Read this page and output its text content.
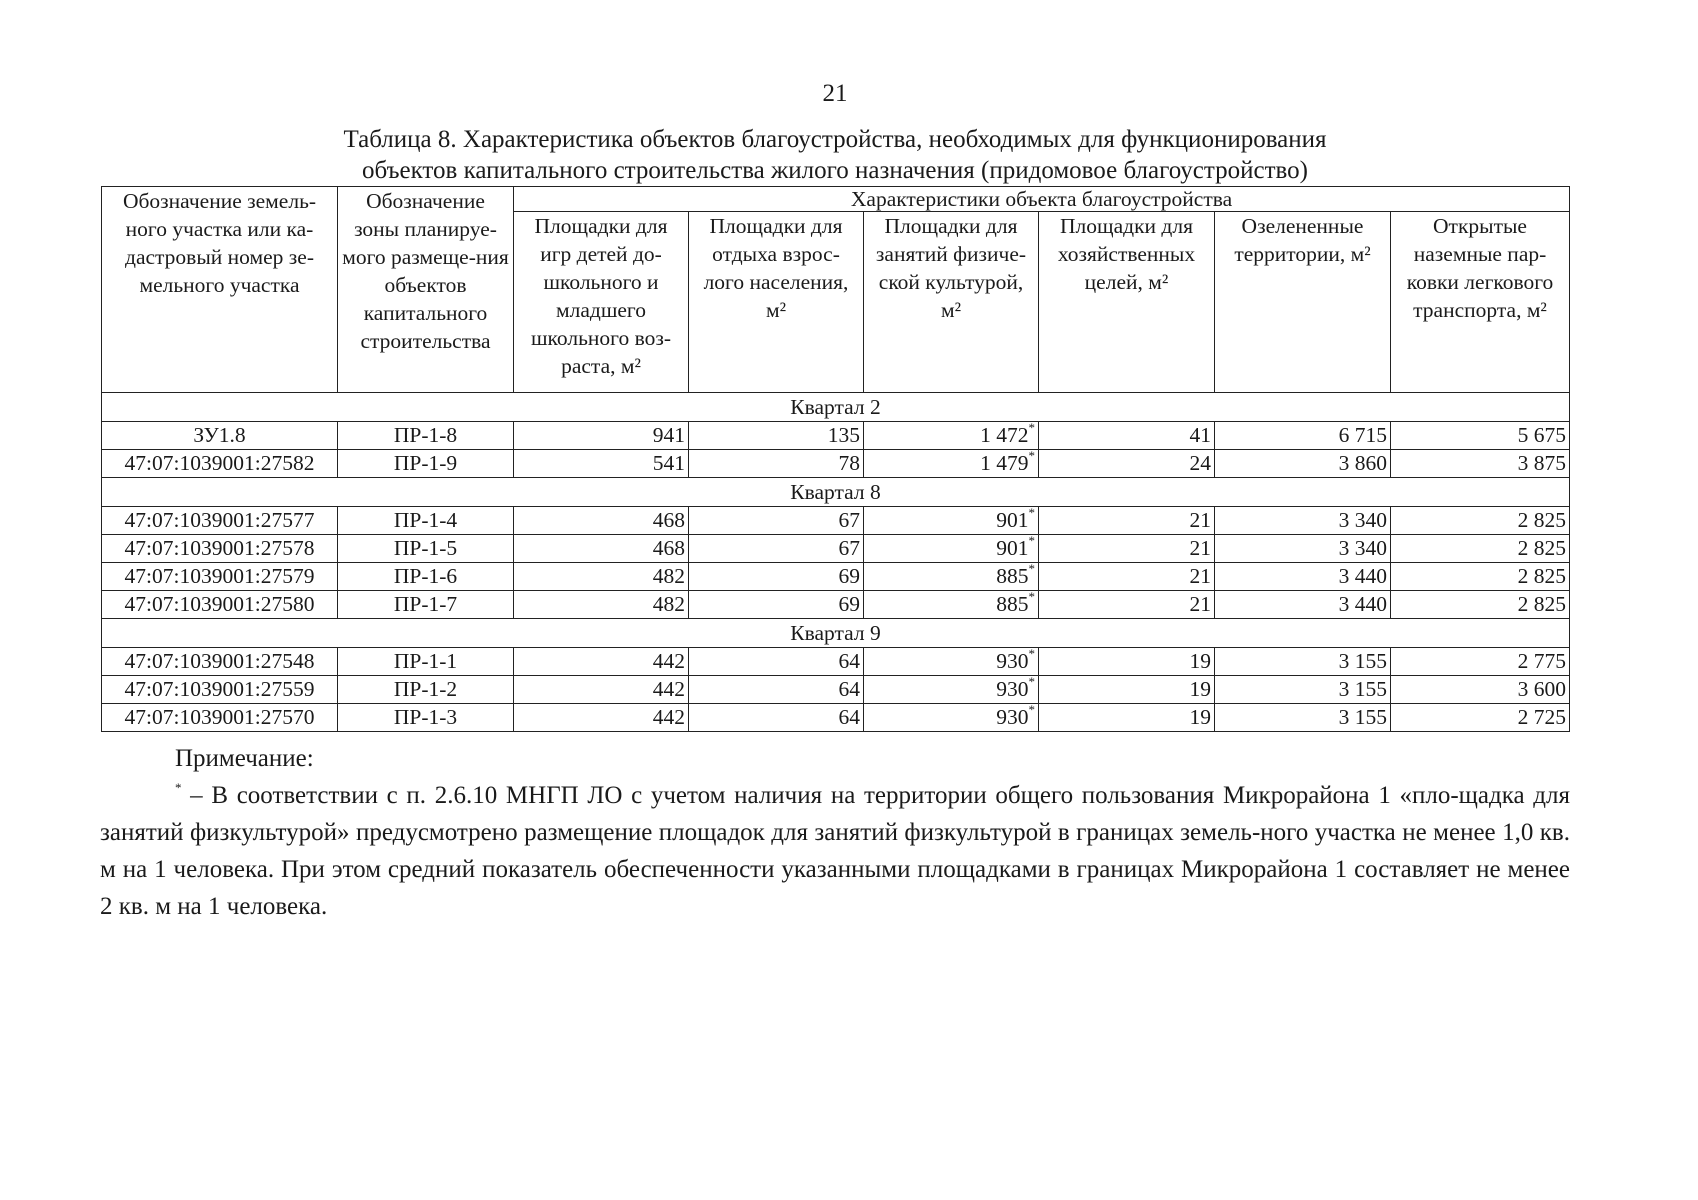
21
Таблица 8. Характеристика объектов благоустройства, необходимых для функционирования
объектов капитального строительства жилого назначения (придомовое благоустройство)
Обозначение земель-ного участка или ка-дастровый номер зе-мельного участка	Обозначение зоны планируе-мого размеще-ния объектов капитального строительства	Характеристики объекта благоустройства					
		Площадки для игр детей до-школьного и младшего школьного воз-раста, м²	Площадки для отдыха взрос-лого населения, м²	Площадки для занятий физиче-ской культурой, м²	Площадки для хозяйственных целей, м²	Озелененные территории, м²	Открытые наземные пар-ковки легкового транспорта, м²
Квартал 2							
ЗУ1.8	ПР-1-8	941	135	1 472*	41	6 715	5 675
47:07:1039001:27582	ПР-1-9	541	78	1 479*	24	3 860	3 875
Квартал 8							
47:07:1039001:27577	ПР-1-4	468	67	901*	21	3 340	2 825
47:07:1039001:27578	ПР-1-5	468	67	901*	21	3 340	2 825
47:07:1039001:27579	ПР-1-6	482	69	885*	21	3 440	2 825
47:07:1039001:27580	ПР-1-7	482	69	885*	21	3 440	2 825
Квартал 9							
47:07:1039001:27548	ПР-1-1	442	64	930*	19	3 155	2 775
47:07:1039001:27559	ПР-1-2	442	64	930*	19	3 155	3 600
47:07:1039001:27570	ПР-1-3	442	64	930*	19	3 155	2 725
Примечание:

* – В соответствии с п. 2.6.10 МНГП ЛО с учетом наличия на территории общего пользования Микрорайона 1 «пло-щадка для занятий физкультурой» предусмотрено размещение площадок для занятий физкультурой в границах земель-ного участка не менее 1,0 кв. м на 1 человека. При этом средний показатель обеспеченности указанными площадками в границах Микрорайона 1 составляет не менее 2 кв. м на 1 человека.
